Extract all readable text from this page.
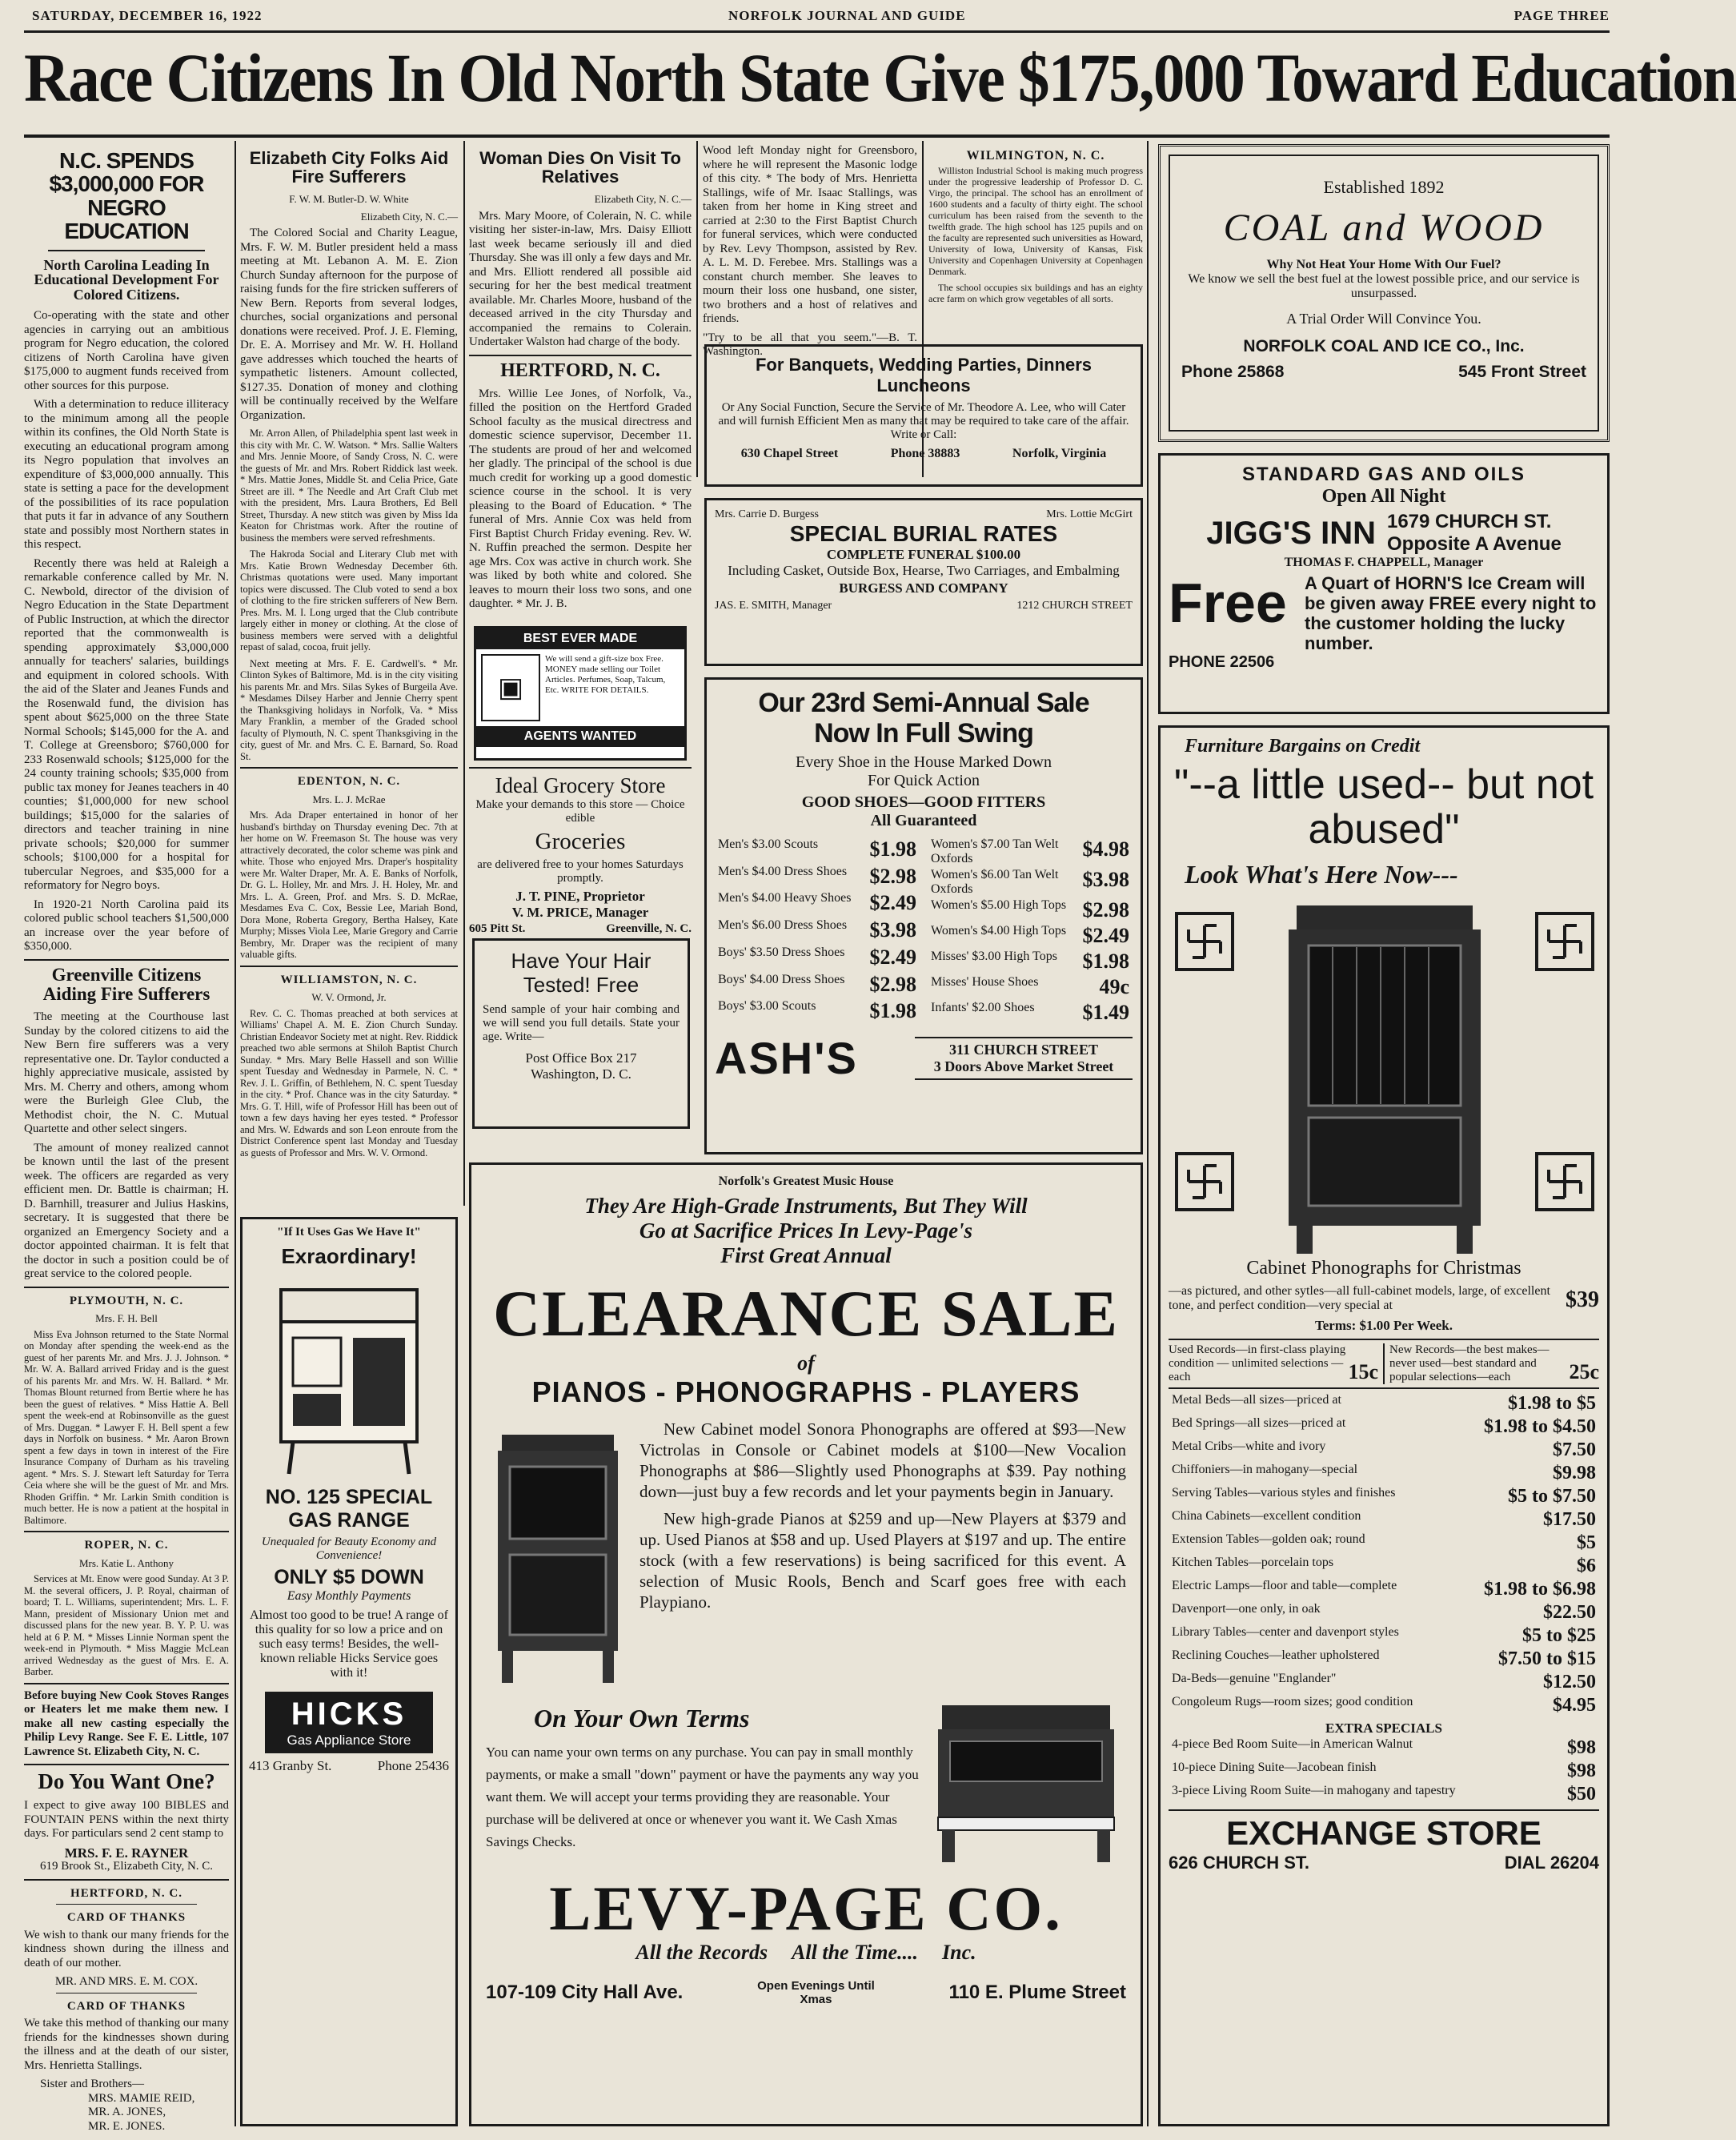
SATURDAY, DECEMBER 16, 1922	NORFOLK JOURNAL AND GUIDE	PAGE THREE
Race Citizens In Old North State Give $175,000 Toward Education
N.C. SPENDS $3,000,000 FOR NEGRO EDUCATION
North Carolina Leading In Educational Development For Colored Citizens.

Co-operating with the state and other agencies in carrying out an ambitious program for Negro education, the colored citizens of North Carolina have given $175,000 to augment funds received from other sources for this purpose.

With a determination to reduce illiteracy to the minimum among all the people within its confines, the Old North State is executing an educational program among its Negro population that involves an expenditure of $3,000,000 annually. This state is setting a pace for the development of the possibilities of its race population that puts it far in advance of any Southern state and possibly most Northern states in this respect.

Recently there was held at Raleigh a remarkable conference called by Mr. N. C. Newbold, director of the division of Negro Education in the State Department of Public Instruction, at which the director reported that the commonwealth is spending approximately $3,000,000 annually for teachers' salaries, buildings and equipment in colored schools. With the aid of the Slater and Jeanes Funds and the Rosenwald fund, the division has spent about $625,000 on the three State Normal Schools; $145,000 for the A. and T. College at Greensboro; $760,000 for 233 Rosenwald schools; $125,000 for the 24 county training schools; $35,000 from public tax money for Jeanes teachers in 40 counties; $1,000,000 for new school buildings; $15,000 for the salaries of directors and teacher training in nine private schools; $20,000 for summer schools; $100,000 for a hospital for tubercular Negroes, and $35,000 for a reformatory for Negro boys.

In 1920-21 North Carolina paid its colored public school teachers $1,500,000 an increase over the year before of $350,000.

Greenville Citizens Aiding Fire Sufferers

The meeting at the Courthouse last Sunday by the colored citizens to aid the New Bern fire sufferers was a very representative one. Dr. Taylor conducted a highly appreciative musicale, assisted by Mrs. M. Cherry and others, among whom were the Burleigh Glee Club, the Methodist choir, the N. C. Mutual Quartette and other select singers.

The amount of money realized cannot be known until the last of the present week. The officers are regarded as very efficient men. Dr. Battle is chairman; H. D. Barnhill, treasurer and Julius Haskins, secretary. It is suggested that there be organized an Emergency Society and a doctor appointed chairman. It is felt that the doctor in such a position could be of great service to the colored people.

PLYMOUTH, N. C.
Mrs. F. H. Bell

Miss Eva Johnson returned to the State Normal on Monday after spending the week-end as the guest of her parents Mr. and Mrs. J. J. Johnson. * Mr. W. A. Ballard arrived Friday and is the guest of his parents Mr. and Mrs. W. H. Ballard. * Mr. Thomas Blount returned from Bertie where he has been the guest of relatives. * Miss Hattie A. Bell spent the week-end at Robinsonville as the guest of Mrs. Duggan. * Lawyer F. H. Bell spent a few days in Norfolk on business. * Mr. Aaron Brown spent a few days in town in interest of the Fire Insurance Company of Durham as his traveling agent. * Mrs. S. J. Stewart left Saturday for Terra Ceia where she will be the guest of Mr. and Mrs. Rhoden Griffin. * Mr. Larkin Smith condition is much better. He is now a patient at the hospital in Baltimore.

ROPER, N. C.
Mrs. Katie L. Anthony

Services at Mt. Enow were good Sunday. At 3 P. M. the several officers, J. P. Royal, chairman of board; T. L. Williams, superintendent; Mrs. L. F. Mann, president of Missionary Union met and discussed plans for the new year. B. Y. P. U. was held at 6 P. M. * Misses Linnie Norman spent the week-end in Plymouth. * Miss Maggie McLean arrived Wednesday as the guest of Mrs. E. A. Barber.

Before buying New Cook Stoves Ranges or Heaters let me make them new. I make all new casting especially the Philip Levy Range. See F. E. Little, 107 Lawrence St. Elizabeth City, N. C.

Do You Want One?

I expect to give away 100 BIBLES and FOUNTAIN PENS within the next thirty days. For particulars send 2 cent stamp to

MRS. F. E. RAYNER
619 Brook St., Elizabeth City, N. C.
HERTFORD, N. C.
CARD OF THANKS

We wish to thank our many friends for the kindness shown during the illness and death of our mother.

MR. AND MRS. E. M. COX.
CARD OF THANKS

We take this method of thanking our many friends for the kindnesses shown during the illness and at the death of our sister, Mrs. Henrietta Stallings.

Sister and Brothers—
MRS. MAMIE REID,
MR. A. JONES,
MR. E. JONES.
Elizabeth City Folks Aid Fire Sufferers
F. W. M. Butler-D. W. White
Elizabeth City, N. C.—

The Colored Social and Charity League, Mrs. F. W. M. Butler president held a mass meeting at Mt. Lebanon A. M. E. Zion Church Sunday afternoon for the purpose of raising funds for the fire stricken sufferers of New Bern. Reports from several lodges, churches, social organizations and personal donations were received. Prof. J. E. Fleming, Dr. E. A. Morrisey and Mr. W. H. Holland gave addresses which touched the hearts of sympathetic listeners. Amount collected, $127.35. Donation of money and clothing will be continually received by the Welfare Organization.

Mr. Arron Allen, of Philadelphia spent last week in this city with Mr. C. W. Watson. * Mrs. Sallie Walters and Mrs. Jennie Moore, of Sandy Cross, N. C. were the guests of Mr. and Mrs. Robert Riddick last week. * Mrs. Mattie Jones, Middle St. and Celia Price, Gate Street are ill. * The Needle and Art Craft Club met with the president, Mrs. Laura Brothers, Ed Bell Street, Thursday. A new stitch was given by Miss Ida Keaton for Christmas work. After the routine of business the members were served refreshments.

The Hakroda Social and Literary Club met with Mrs. Katie Brown Wednesday December 6th. Christmas quotations were used. Many important topics were discussed. The Club voted to send a box of clothing to the fire stricken sufferers of New Bern. Pres. Mrs. M. I. Long urged that the Club contribute largely either in money or clothing. At the close of business members were served with a delightful repast of salad, cocoa, fruit jelly.

Next meeting at Mrs. F. E. Cardwell's. * Mr. Clinton Sykes of Baltimore, Md. is in the city visiting his parents Mr. and Mrs. Silas Sykes of Burgeila Ave. * Mesdames Dilsey Harber and Jennie Cherry spent the Thanksgiving holidays in Norfolk, Va. * Miss Mary Franklin, a member of the Graded school faculty of Plymouth, N. C. spent Thanksgiving in the city, guest of Mr. and Mrs. C. E. Barnard, So. Road St.

EDENTON, N. C.
Mrs. L. J. McRae

Mrs. Ada Draper entertained in honor of her husband's birthday on Thursday evening Dec. 7th at her home on W. Freemason St. The house was very attractively decorated, the color scheme was pink and white. Those who enjoyed Mrs. Draper's hospitality were Mr. Walter Draper, Mr. A. E. Banks of Norfolk, Dr. G. L. Holley, Mr. and Mrs. J. H. Holey, Mr. and Mrs. L. A. Green, Prof. and Mrs. S. D. McRae, Mesdames Eva C. Cox, Bessie Lee, Mariah Bond, Dora Mone, Roberta Gregory, Bertha Halsey, Kate Murphy; Misses Viola Lee, Marie Gregory and Carrie Bembry, Mr. Draper was the recipient of many valuable gifts.

WILLIAMSTON, N. C.
W. V. Ormond, Jr.

Rev. C. C. Thomas preached at both services at Williams' Chapel A. M. E. Zion Church Sunday. Christian Endeavor Society met at night. Rev. Riddick preached two able sermons at Shiloh Baptist Church Sunday. * Mrs. Mary Belle Hassell and son Willie spent Tuesday and Wednesday in Parmele, N. C. * Rev. J. L. Griffin, of Bethlehem, N. C. spent Tuesday in the city. * Prof. Chance was in the city Saturday. * Mrs. G. T. Hill, wife of Professor Hill has been out of town a few days having her eyes tested. * Professor and Mrs. W. Edwards and son Leon enroute from the District Conference spent last Monday and Tuesday as guests of Professor and Mrs. W. V. Ormond.

BEST EVER MADE
▣
We will send a gift-size box Free. MONEY made selling our Toilet Articles. Perfumes, Soap, Talcum, Etc. WRITE FOR DETAILS.
AGENTS WANTED
Woman Dies On Visit To Relatives
Elizabeth City, N. C.—

Mrs. Mary Moore, of Colerain, N. C. while visiting her sister-in-law, Mrs. Daisy Elliott last week became seriously ill and died Thursday. She was ill only a few days and Mr. and Mrs. Elliott rendered all possible aid securing for her the best medical treatment available. Mr. Charles Moore, husband of the deceased arrived in the city Thursday and accompanied the remains to Colerain. Undertaker Walston had charge of the body.

HERTFORD, N. C.

Mrs. Willie Lee Jones, of Norfolk, Va., filled the position on the Hertford Graded School faculty as the musical directress and domestic science supervisor, December 11. The students are proud of her and welcomed her gladly. The principal of the school is due much credit for working up a good domestic science course in the school. It is very pleasing to the Board of Education. * The funeral of Mrs. Annie Cox was held from First Baptist Church Friday evening. Rev. W. N. Ruffin preached the sermon. Despite her age Mrs. Cox was active in church work. She was liked by both white and colored. She leaves to mourn their loss two sons, and one daughter. * Mr. J. B.

Ideal Grocery Store
Make your demands to this store — Choice edible
Groceries
are delivered free to your homes Saturdays promptly.
J. T. PINE, Proprietor
V. M. PRICE, Manager
605 Pitt St.	Greenville, N. C.
Have Your Hair Tested! Free
Send sample of your hair combing and we will send you full details. State your age. Write—
Post Office Box 217
Washington, D. C.

Wood left Monday night for Greensboro, where he will represent the Masonic lodge of this city. * The body of Mrs. Henrietta Stallings, wife of Mr. Isaac Stallings, was taken from her home in King street and carried at 2:30 to the First Baptist Church for funeral services, which were conducted by Rev. Levy Thompson, assisted by Rev. A. L. M. D. Ferebee. Mrs. Stallings was a constant church member. She leaves to mourn their loss one husband, one sister, two brothers and a host of relatives and friends.

"Try to be all that you seem."—B. T. Washington.

WILMINGTON, N. C.

Williston Industrial School is making much progress under the progressive leadership of Professor D. C. Virgo, the principal. The school has an enrollment of 1600 students and a faculty of thirty eight. The school curriculum has been raised from the seventh to the twelfth grade. The high school has 125 pupils and on the faculty are represented such universities as Howard, University of Iowa, University of Kansas, Fisk University and Copenhagen University at Copenhagen Denmark.

The school occupies six buildings and has an eighty acre farm on which grow vegetables of all sorts.

For Banquets, Wedding Parties, Dinners Luncheons
Or Any Social Function, Secure the Service of Mr. Theodore A. Lee, who will Cater and will furnish Efficient Men as many that may be required to take care of the affair.
Write or Call:
630 Chapel Street	Phone 38883	Norfolk, Virginia
Mrs. Carrie D. Burgess	Mrs. Lottie McGirt
SPECIAL BURIAL RATES
COMPLETE FUNERAL $100.00
Including Casket, Outside Box, Hearse, Two Carriages, and Embalming
BURGESS AND COMPANY
JAS. E. SMITH, Manager	1212 CHURCH STREET
Our 23rd Semi-Annual Sale
Now In Full Swing
Every Shoe in the House Marked Down
For Quick Action
GOOD SHOES—GOOD FITTERS
All Guaranteed
Men's $3.00 Scouts	$1.98
Men's $4.00 Dress Shoes	$2.98
Men's $4.00 Heavy Shoes	$2.49
Men's $6.00 Dress Shoes	$3.98
Boys' $3.50 Dress Shoes	$2.49
Boys' $4.00 Dress Shoes	$2.98
Boys' $3.00 Scouts	$1.98
Women's $7.00 Tan Welt Oxfords	$4.98
Women's $6.00 Tan Welt Oxfords	$3.98
Women's $5.00 High Tops	$2.98
Women's $4.00 High Tops	$2.49
Misses' $3.00 High Tops	$1.98
Misses' House Shoes	49c
Infants' $2.00 Shoes	$1.49
ASH'S	311 CHURCH STREET
3 Doors Above Market Street
Established 1892
COAL and WOOD
Why Not Heat Your Home With Our Fuel?
We know we sell the best fuel at the lowest possible price, and our service is unsurpassed.
A Trial Order Will Convince You.
NORFOLK COAL AND ICE CO., Inc.
Phone 25868	545 Front Street
STANDARD GAS AND OILS
Open All Night
JIGG'S INN 1679 CHURCH ST.
Opposite A Avenue
THOMAS F. CHAPPELL, Manager
Free	A Quart of HORN'S Ice Cream will be given away FREE every night to the customer holding the lucky number.
PHONE 22506
Furniture Bargains on Credit
"--a little used-- but not abused"
Look What's Here Now---
Cabinet Phonographs for Christmas
—as pictured, and other sytles—all full-cabinet models, large, of excellent tone, and perfect condition—very special at	$39
Terms: $1.00 Per Week.
Used Records—in first-class playing condition — unlimited selections — each	15c
New Records—the best makes—never used—best standard and popular selections—each	25c
Metal Beds—all sizes—priced at	$1.98 to $5
Bed Springs—all sizes—priced at	$1.98 to $4.50
Metal Cribs—white and ivory	$7.50
Chiffoniers—in mahogany—special	$9.98
Serving Tables—various styles and finishes	$5 to $7.50
China Cabinets—excellent condition	$17.50
Extension Tables—golden oak; round	$5
Kitchen Tables—porcelain tops	$6
Electric Lamps—floor and table—complete	$1.98 to $6.98
Davenport—one only, in oak	$22.50
Library Tables—center and davenport styles	$5 to $25
Reclining Couches—leather upholstered	$7.50 to $15
Da-Beds—genuine "Englander"	$12.50
Congoleum Rugs—room sizes; good condition	$4.95
EXTRA SPECIALS
4-piece Bed Room Suite—in American Walnut	$98
10-piece Dining Suite—Jacobean finish	$98
3-piece Living Room Suite—in mahogany and tapestry	$50
EXCHANGE STORE
626 CHURCH ST.	DIAL 26204
"If It Uses Gas We Have It"
Exraordinary!
NO. 125 SPECIAL GAS RANGE
Unequaled for Beauty Economy and Convenience!
ONLY $5 DOWN
Easy Monthly Payments
Almost too good to be true! A range of this quality for so low a price and on such easy terms! Besides, the well-known reliable Hicks Service goes with it!
HICKS
Gas Appliance Store
413 Granby St.	Phone 25436
Norfolk's Greatest Music House
They Are High-Grade Instruments, But They Will
Go at Sacrifice Prices In Levy-Page's
First Great Annual
CLEARANCE SALE
of
PIANOS - PHONOGRAPHS - PLAYERS

New Cabinet model Sonora Phonographs are offered at $93—New Victrolas in Console or Cabinet models at $100—New Vocalion Phonographs at $86—Slightly used Phonographs at $39. Pay nothing down—just buy a few records and let your payments begin in January.

New high-grade Pianos at $259 and up—New Players at $379 and up. Used Pianos at $58 and up. Used Players at $197 and up. The entire stock (with a few reservations) is being sacrificed for this event. A selection of Music Rools, Bench and Scarf goes free with each Playpiano.

On Your Own Terms
You can name your own terms on any purchase. You can pay in small monthly payments, or make a small "down" payment or have the payments any way you want them. We will accept your terms providing they are reasonable. Your purchase will be delivered at once or whenever you want it. We Cash Xmas Savings Checks.
LEVY-PAGE CO.
All the Records All the Time.... Inc.
107-109 City Hall Ave.	Open Evenings Until Xmas	110 E. Plume Street
